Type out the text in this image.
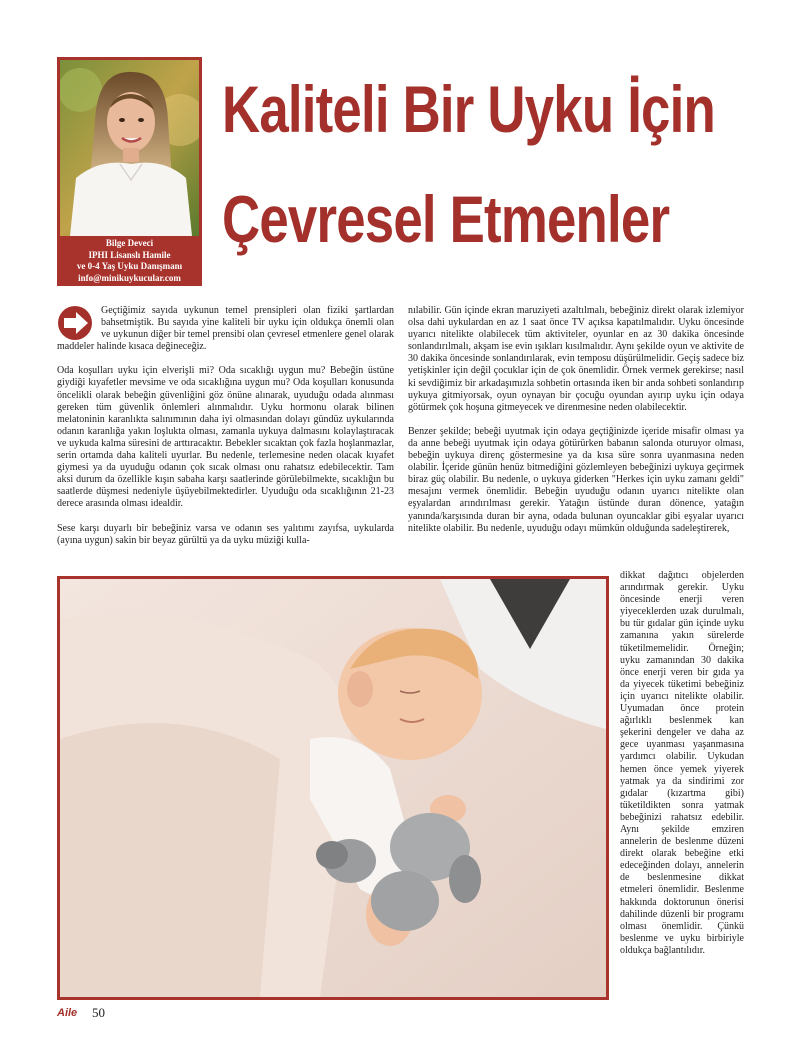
Bilge Deveci
IPHI Lisanslı Hamile
ve 0-4 Yaş Uyku Danışmanı
info@minikuykucular.com
Kaliteli Bir Uyku İçin
Çevresel Etmenler

Geçtiğimiz sayıda uykunun temel prensipleri olan fiziki şartlardan bahsetmiştik. Bu sayıda yine kaliteli bir uyku için oldukça önemli olan ve uykunun diğer bir temel prensibi olan çevresel etmenlere genel olarak maddeler halinde kısaca değineceğiz.

Oda koşulları uyku için elverişli mi? Oda sıcaklığı uygun mu? Bebeğin üstüne giydiği kıyafetler mevsime ve oda sıcaklığına uygun mu? Oda koşulları konusunda öncelikli olarak bebeğin güvenliğini göz önüne alınarak, uyuduğu odada alınması gereken tüm güvenlik önlemleri alınmalıdır. Uyku hormonu olarak bilinen melatoninin karanlıkta salınımının daha iyi olmasından dolayı gündüz uykularında odanın karanlığa yakın loşlukta olması, zamanla uykuya dalmasını kolaylaştıracak ve uykuda kalma süresini de arttıracaktır. Bebekler sıcaktan çok fazla hoşlanmazlar, serin ortamda daha kaliteli uyurlar. Bu nedenle, terlemesine neden olacak kıyafet giymesi ya da uyuduğu odanın çok sıcak olması onu rahatsız edebilecektir. Tam aksi durum da özellikle kışın sabaha karşı saatlerinde görülebilmekte, sıcaklığın bu saatlerde düşmesi nedeniyle üşüyebilmektedirler. Uyuduğu oda sıcaklığının 21-23 derece arasında olması idealdir.

Sese karşı duyarlı bir bebeğiniz varsa ve odanın ses yalıtımı zayıfsa, uykularda (ayına uygun) sakin bir beyaz gürültü ya da uyku müziği kulla-

nılabilir. Gün içinde ekran maruziyeti azaltılmalı, bebeğiniz direkt olarak izlemiyor olsa dahi uykulardan en az 1 saat önce TV açıksa kapatılmalıdır. Uyku öncesinde uyarıcı nitelikte olabilecek tüm aktiviteler, oyunlar en az 30 dakika öncesinde sonlandırılmalı, akşam ise evin ışıkları kısılmalıdır. Aynı şekilde oyun ve aktivite de 30 dakika öncesinde sonlandırılarak, evin temposu düşürülmelidir. Geçiş sadece biz yetişkinler için değil çocuklar için de çok önemlidir. Örnek vermek gerekirse; nasıl ki sevdiğimiz bir arkadaşımızla sohbetin ortasında iken bir anda sohbeti sonlandırıp uykuya gitmiyorsak, oyun oynayan bir çocuğu oyundan ayırıp uyku için odaya götürmek çok hoşuna gitmeyecek ve direnmesine neden olabilecektir.

Benzer şekilde; bebeği uyutmak için odaya geçtiğinizde içeride misafir olması ya da anne bebeği uyutmak için odaya götürürken babanın salonda oturuyor olması, bebeğin uykuya direnç göstermesine ya da kısa süre sonra uyanmasına neden olabilir. İçeride günün henüz bitmediğini gözlemleyen bebeğinizi uykuya geçirmek biraz güç olabilir. Bu nedenle, o uykuya giderken "Herkes için uyku zamanı geldi" mesajını vermek önemlidir. Bebeğin uyuduğu odanın uyarıcı nitelikte olan eşyalardan arındırılması gerekir. Yatağın üstünde duran dönence, yatağın yanında/karşısında duran bir ayna, odada bulunan oyuncaklar gibi eşyalar uyarıcı nitelikte olabilir. Bu nedenle, uyuduğu odayı mümkün olduğunda sadeleştirerek,

dikkat dağıtıcı objelerden arındırmak gerekir. Uyku öncesinde enerji veren yiyeceklerden uzak durulmalı, bu tür gıdalar gün içinde uyku zamanına yakın sürelerde tüketilmemelidir. Örneğin; uyku zamanından 30 dakika önce enerji veren bir gıda ya da yiyecek tüketimi bebeğiniz için uyarıcı nitelikte olabilir. Uyumadan önce protein ağırlıklı beslenmek kan şekerini dengeler ve daha az gece uyanması yaşanmasına yardımcı olabilir. Uykudan hemen önce yemek yiyerek yatmak ya da sindirimi zor gıdalar (kızartma gibi) tüketildikten sonra yatmak bebeğinizi rahatsız edebilir. Aynı şekilde emziren annelerin de beslenme düzeni direkt olarak bebeğine etki edeceğinden dolayı, annelerin de beslenmesine dikkat etmeleri önemlidir. Beslenme hakkında doktorunun önerisi dahilinde düzenli bir programı olması önemlidir. Çünkü beslenme ve uyku birbiriyle oldukça bağlantılıdır.

Aile 50
